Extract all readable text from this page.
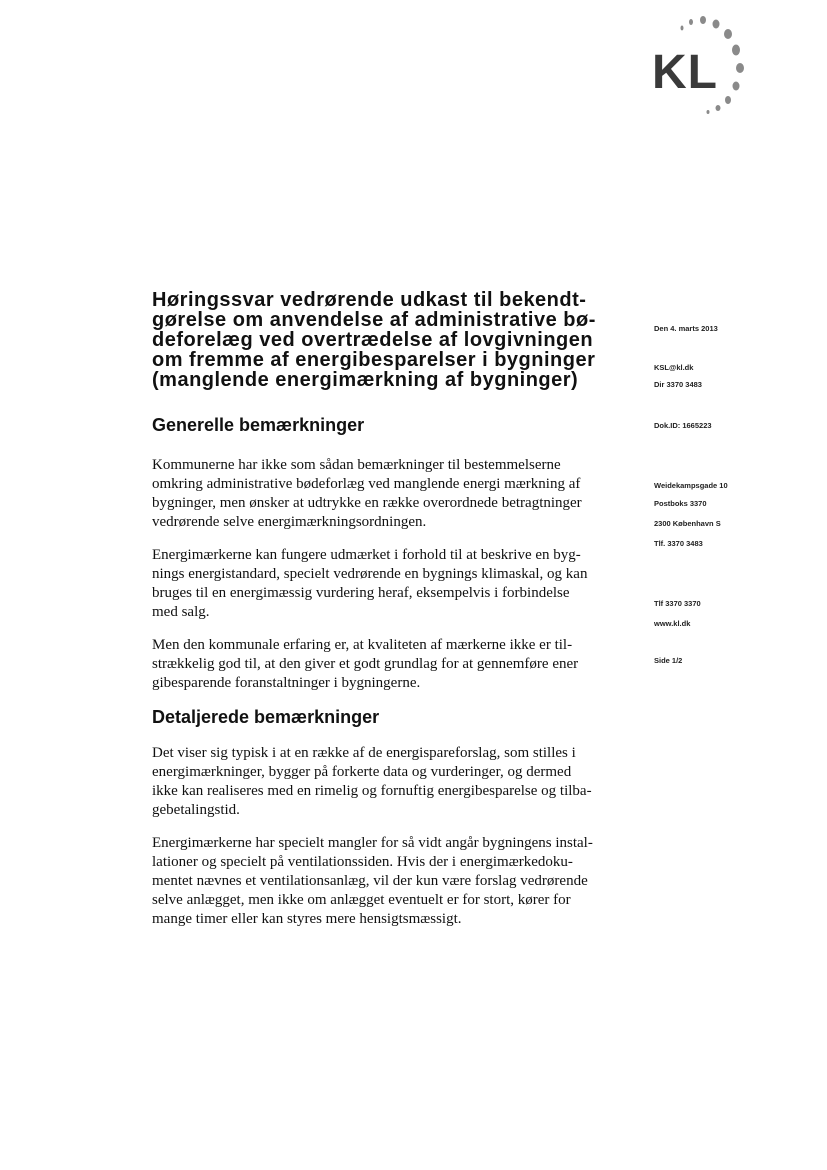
KL
Høringssvar vedrørende udkast til bekendt-
gørelse om anvendelse af administrative bø-
deforelæg ved overtrædelse af lovgivningen
om fremme af energibesparelser i bygninger
(manglende energimærkning af bygninger)
Den 4. marts 2013
KSL@kl.dk
Dir 3370 3483
Dok.ID: 1665223
Weidekampsgade 10
Postboks 3370
2300 København S
Tlf. 3370 3483
Tlf 3370 3370
www.kl.dk
Side 1/2
Generelle bemærkninger

Kommunerne har ikke som sådan bemærkninger til bestemmelserne
omkring administrative bødeforlæg ved manglende energi mærkning af
bygninger, men ønsker at udtrykke en række overordnede betragtninger
vedrørende selve energimærkningsordningen.

Energimærkerne kan fungere udmærket i forhold til at beskrive en byg-
nings energistandard, specielt vedrørende en bygnings klimaskal, og kan
bruges til en energimæssig vurdering heraf, eksempelvis i forbindelse
med salg.

Men den kommunale erfaring er, at kvaliteten af mærkerne ikke er til-
strækkelig god til, at den giver et godt grundlag for at gennemføre ener
gibesparende foranstaltninger i bygningerne.

Detaljerede bemærkninger

Det viser sig typisk i at en række af de energispareforslag, som stilles i
energimærkninger, bygger på forkerte data og vurderinger, og dermed
ikke kan realiseres med en rimelig og fornuftig energibesparelse og tilba-
gebetalingstid.

Energimærkerne har specielt mangler for så vidt angår bygningens instal-
lationer og specielt på ventilationssiden. Hvis der i energimærkedoku-
mentet nævnes et ventilationsanlæg, vil der kun være forslag vedrørende
selve anlægget, men ikke om anlægget eventuelt er for stort, kører for
mange timer eller kan styres mere hensigtsmæssigt.
